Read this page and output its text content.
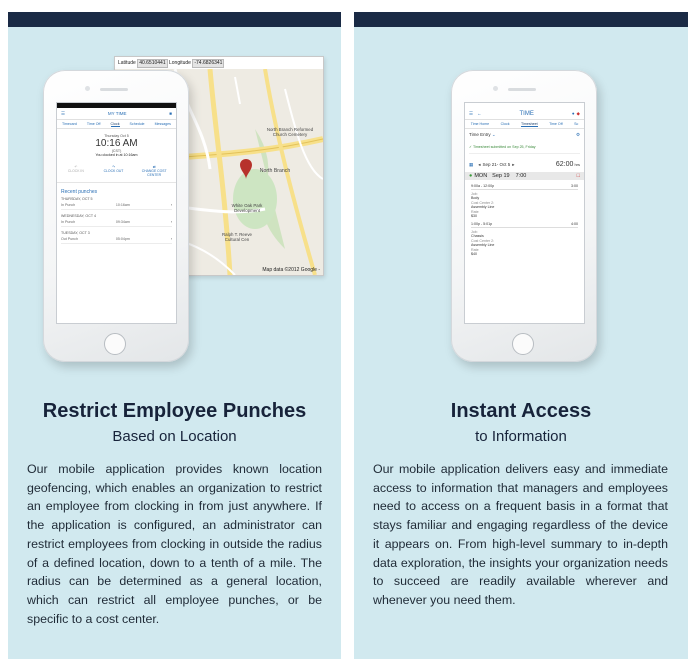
Latitude 40.6510441 Longitude -74.6826341
North Branch Reformed Church Cemetery
North Branch
White Oak Park Development
Ralph T. Reeve Cultural Cen
Map data ©2012 Google -
☰	MY TIME	■
Timecard	Time Off	Clock	Schedule	Messages
Thursday Oct 5
10:16 AM
(CST)
You clocked in at 10:16am
↶
CLOCK IN
↷
CLOCK OUT
⇄
CHANGE COST CENTER
Recent punches
THURSDAY, OCT 5
In Punch	10:16am	›
WEDNESDAY, OCT 4
In Punch	09:34am	›
TUESDAY, OCT 3
Out Punch	05:04pm	›
Restrict Employee Punches
Based on Location
Our mobile application provides known location geofencing, which enables an organization to restrict an employee from clocking in from just anywhere. If the application is configured, an administrator can restrict employees from clocking in outside the radius of a defined location, down to a tenth of a mile. The radius can be determined as a general location, which can restrict all employee punches, or be specific to a cost center.
☰ ←	TIME	● ◆
Time Home	Clock	Timesheet	Time Off	Sc
Time Entry ⌄	⚙
✓ Timesheet submitted on Sep 25, Friday
▦ ◂ Sep 21- Oct 5 ▸	62:00 hrs
● MON Sep 19 7:00	□
9:00a - 12:00p	3:00
Job:
Body
Cost Center 2:
Assembly Line
Rate
$30
1:00p - 5:01p	4:00
Job:
Chassis
Cost Center 2:
Assembly Line
Rate
$40
Instant Access
to Information
Our mobile application delivers easy and immediate access to information that managers and employees need to access on a frequent basis in a format that stays familiar and engaging regardless of the device it appears on. From high-level summary to in-depth data exploration, the insights your organization needs to succeed are readily available wherever and whenever you need them.
